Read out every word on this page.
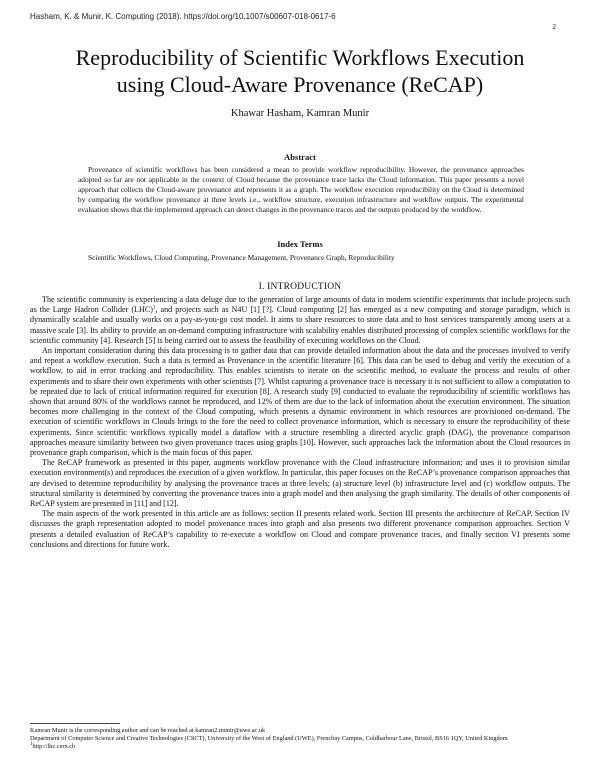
Hasham, K. & Munir, K. Computing (2018). https://doi.org/10.1007/s00607-018-0617-6
2
Reproducibility of Scientific Workflows Execution
using Cloud-Aware Provenance (ReCAP)
Khawar Hasham, Kamran Munir
Abstract
Provenance of scientific workflows has been considered a mean to provide workflow reproducibility. However, the provenance approaches adopted so far are not applicable in the context of Cloud because the provenance trace lacks the Cloud information. This paper presents a novel approach that collects the Cloud-aware provenance and represents it as a graph. The workflow execution reproducibility on the Cloud is determined by comparing the workflow provenance at three levels i.e., workflow structure, execution infrastructure and workflow outputs. The experimental evaluation shows that the implemented approach can detect changes in the provenance traces and the outputs produced by the workflow.
Index Terms
Scientific Workflows, Cloud Computing, Provenance Management, Provenance Graph, Reproducibility
I. INTRODUCTION

The scientific community is experiencing a data deluge due to the generation of large amounts of data in modern scientific experiments that include projects such as the Large Hadron Collider (LHC)$^1$, and projects such as N4U [1] [?]. Cloud computing [2] has emerged as a new computing and storage paradigm, which is dynamically scalable and usually works on a pay-as-you-go cost model. It aims to share resources to store data and to host services transparently among users at a massive scale [3]. Its ability to provide an on-demand computing infrastructure with scalability enables distributed processing of complex scientific workflows for the scientific community [4]. Research [5] is being carried out to assess the feasibility of executing workflows on the Cloud.

An important consideration during this data processing is to gather data that can provide detailed information about the data and the processes involved to verify and repeat a workflow execution. Such a data is termed as Provenance in the scientific literature [6]. This data can be used to debug and verify the execution of a workflow, to aid in error tracking and reproducibility. This enables scientists to iterate on the scientific method, to evaluate the process and results of other experiments and to share their own experiments with other scientists [7]. Whilst capturing a provenance trace is necessary it is not sufficient to allow a computation to be repeated due to lack of critical information required for execution [8]. A research study [9] conducted to evaluate the reproducibility of scientific workflows has shown that around 80% of the workflows cannot be reproduced, and 12% of them are due to the lack of information about the execution environment. The situation becomes more challenging in the context of the Cloud computing, which presents a dynamic environment in which resources are provisioned on-demand. The execution of scientific workflows in Clouds brings to the fore the need to collect provenance information, which is necessary to ensure the reproducibility of these experiments. Since scientific workflows typically model a dataflow with a structure resembling a directed acyclic graph (DAG), the provenance comparison approaches measure similarity between two given provenance traces using graphs [10]. However, such approaches lack the information about the Cloud resources in provenance graph comparison, which is the main focus of this paper.

The ReCAP framework as presented in this paper, augments workflow provenance with the Cloud infrastructure information; and uses it to provision similar execution environment(s) and reproduces the execution of a given workflow. In particular, this paper focuses on the ReCAP’s provenance comparison approaches that are devised to determine reproducibility by analysing the provenance traces at three levels; (a) structure level (b) infrastructure level and (c) workflow outputs. The structural similarity is determined by converting the provenance traces into a graph model and then analysing the graph similarity. The details of other components of ReCAP system are presented in [11] and [12].

The main aspects of the work presented in this article are as follows: section II presents related work. Section III presents the architecture of ReCAP. Section IV discusses the graph representation adopted to model provenance traces into graph and also presents two different provenance comparison approaches. Section V presents a detailed evaluation of ReCAP’s capability to re-execute a workflow on Cloud and compare provenance traces, and finally section VI presents some conclusions and directions for future work.

Kamran Munir is the corresponding author and can be reached at kamran2.munir@uwe.ac.uk
Department of Computer Science and Creative Technologies (CSCT), University of the West of England (UWE), Frenchay Campus, Coldharbour Lane, Bristol, BS16 1QY, United Kingdom
$^1$http://lhc.cern.ch
